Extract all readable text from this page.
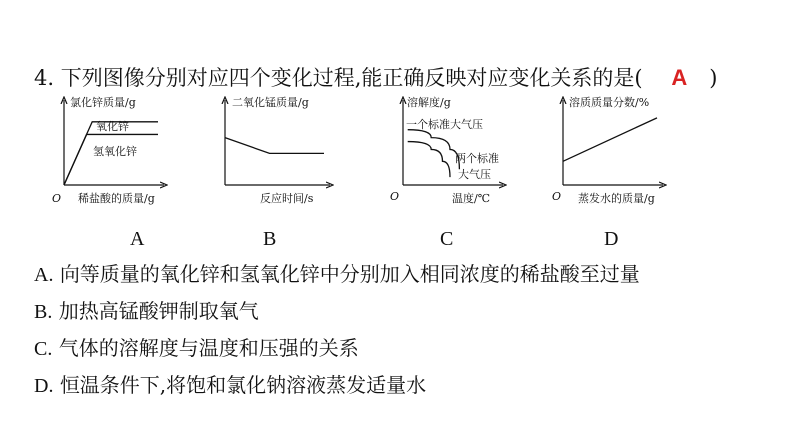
4. 下列图像分别对应四个变化过程,能正确反映对应变化关系的是( A )
氯化锌质量/g
稀盐酸的质量/g
O
氧化锌
氢氧化锌
二氧化锰质量/g
反应时间/s
溶解度/g
温度/℃
O
一个标准大气压
两个标准
大气压
溶质质量分数/%
蒸发水的质量/g
O
A	B	C	D
A. 向等质量的氧化锌和氢氧化锌中分别加入相同浓度的稀盐酸至过量
B. 加热高锰酸钾制取氧气
C. 气体的溶解度与温度和压强的关系
D. 恒温条件下,将饱和氯化钠溶液蒸发适量水
